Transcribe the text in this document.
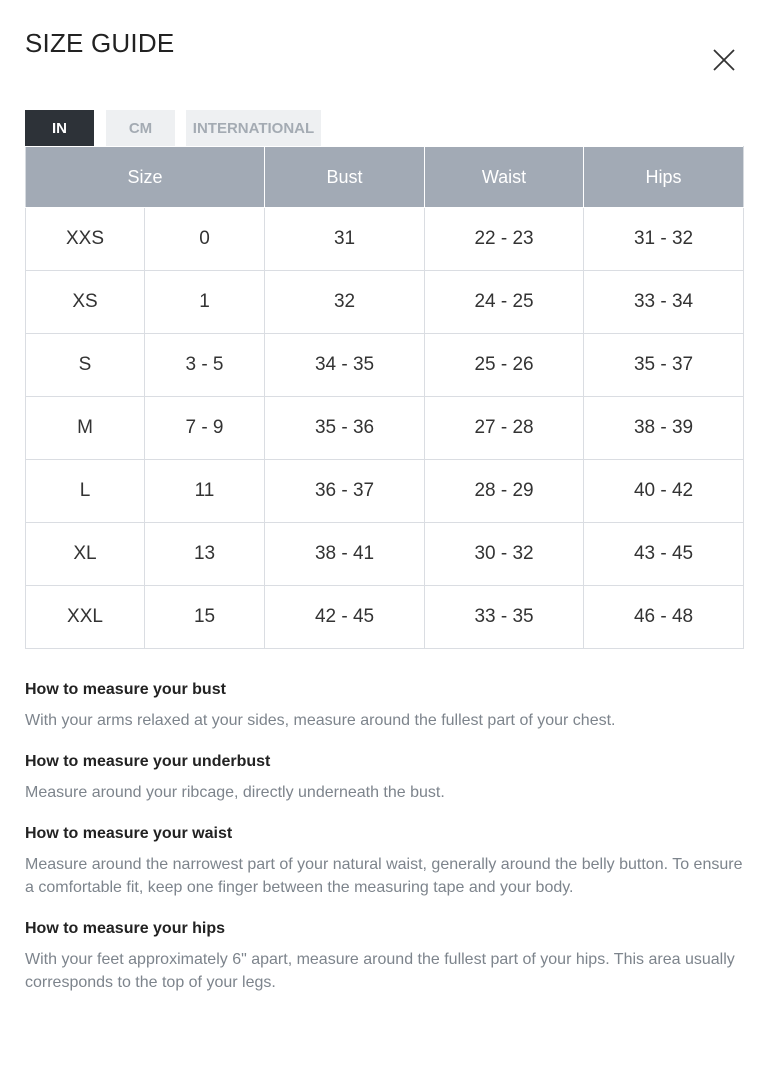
SIZE GUIDE
IN	CM	INTERNATIONAL
Size		Bust	Waist	Hips
XXS	0	31	22 - 23	31 - 32
XS	1	32	24 - 25	33 - 34
S	3 - 5	34 - 35	25 - 26	35 - 37
M	7 - 9	35 - 36	27 - 28	38 - 39
L	11	36 - 37	28 - 29	40 - 42
XL	13	38 - 41	30 - 32	43 - 45
XXL	15	42 - 45	33 - 35	46 - 48
How to measure your bust

With your arms relaxed at your sides, measure around the fullest part of your chest.

How to measure your underbust

Measure around your ribcage, directly underneath the bust.

How to measure your waist

Measure around the narrowest part of your natural waist, generally around the belly button. To ensure a comfortable fit, keep one finger between the measuring tape and your body.

How to measure your hips

With your feet approximately 6" apart, measure around the fullest part of your hips. This area usually corresponds to the top of your legs.
